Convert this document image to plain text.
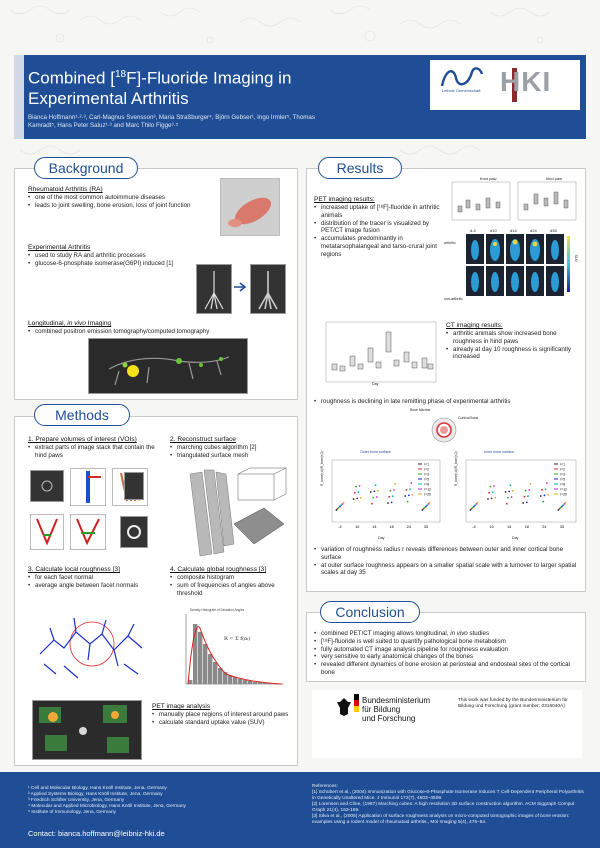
Combined [$^{18}$F]-Fluoride Imaging in Experimental Arthritis
Bianca Hoffmann¹·²·³, Carl-Magnus Svensson³, Maria Straßburger⁴, Björn Gebser¹, Ingo Irmler⁵, Thomas Kamradt⁵, Hans Peter Saluz¹·³ and Marc Thilo Figge³·⁵
Leibniz Gemeinschaft HKI
Background
Rheumatoid Arthritis (RA)
• one of the most common autoimmune diseases
• leads to joint swelling, bone erosion, loss of joint function
Experimental Arthritis
• used to study RA and arthritic processes
• glucose-6-phosphate isomerase(G6PI) induced [1]
Longitudinal, in vivo Imaging
• combined positron emission tomography/computed tomography
Methods
1. Prepare volumes of interest (VOIs)
• extract parts of image stack that contain the hind paws
2. Reconstruct surface
• marching cubes algorithm [2]
• triangulated surface mesh
3. Calculate local roughness [3]
• for each facet normal
• average angle between facet normals
4. Calculate global roughness [3]
• composite histogram
• sum of frequencies of angles above threshold
Density Histogram of Deviation Angles
R = Σ f(αᵢ)
PET image analysis
• manually place regions of interest around paws
• calculate standard uptake value (SUV)
Results
PET imaging results:
• increased uptake of [¹⁸F]-fluoride in arthritic animals
• distribution of the tracer is visualized by PET/CT image fusion
• accumulates predominantly in metatarsophalangeal and tarso-crural joint regions
front paw	hind paw
arthritic
non-arthritic
d-4	d10	d14	d24	d35
SUV
Day
CT imaging results:
• arthritic animals show increased bone roughness in hind paws
• already at day 10 roughness is significantly increased
• roughness is declining in late remitting phase of experimental arthritis
Bone Marrow
Cortical Bone
Outer bone surface	Inner bone surface
-4	10	14	18	24	35
r=1
r=2
r=3
r=5
r=8
r=12
r=20
R_bone(r,d)/R_bone(r,0)
Day
-4	10	14	18	24	35
r=1
r=2
r=3
r=5
r=8
r=12
r=20
R_bone(r,d)/R_bone(r,0)
Day
• variation of roughness radius r reveals differences between outer and inner cortical bone surface
• at outer surface roughness appears on a smaller spatial scale with a turnover to larger spatial scales at day 35
Conclusion
• combined PET/CT imaging allows longitudinal, in vivo studies
• [¹⁸F]-fluoride is well suited to quantify pathological bone metabolism
• fully automated CT image analysis pipeline for roughness evaluation
• very sensitive to early anatomical changes of the bones
• revealed different dynamics of bone erosion at periosteal and endosteal sites of the cortical bone
Bundesministerium
für Bildung
und Forschung
This work was funded by the Bundesministerium für Bildung und Forschung (grant number: 0316040A)
¹ Cell and Molecular Biology, Hans Knöll Institute, Jena, Germany
² Applied Systems Biology, Hans Knöll Institute, Jena, Germany
³ Friedrich Schiller University, Jena, Germany
⁴ Molecular and Applied Microbiology, Hans Knöll Institute, Jena, Germany
⁵ Institute of Immunology, Jena, Germany
Contact: bianca.hoffmann@leibniz-hki.de
References:
[1] Schubert et al., (2004) Immunization with Glucose-6-Phosphate Isomerase Induces T Cell-Dependent Peripheral Polyarthritis in Genetically Unaltered Mice. J Immunol 172(7), 4503–4509.
[2] Lorensen and Cline, (1987) Marching cubes: A high resolution 3D surface construction algorithm. ACM Siggraph Comput Graph 21(4), 163-169.
[3] Silva et al., (2006) Application of surface roughness analysis on micro-computed tomographic images of bone erosion: examples using a rodent model of rheumatoid arthritis., Mol Imaging 5(4), 475–84.
